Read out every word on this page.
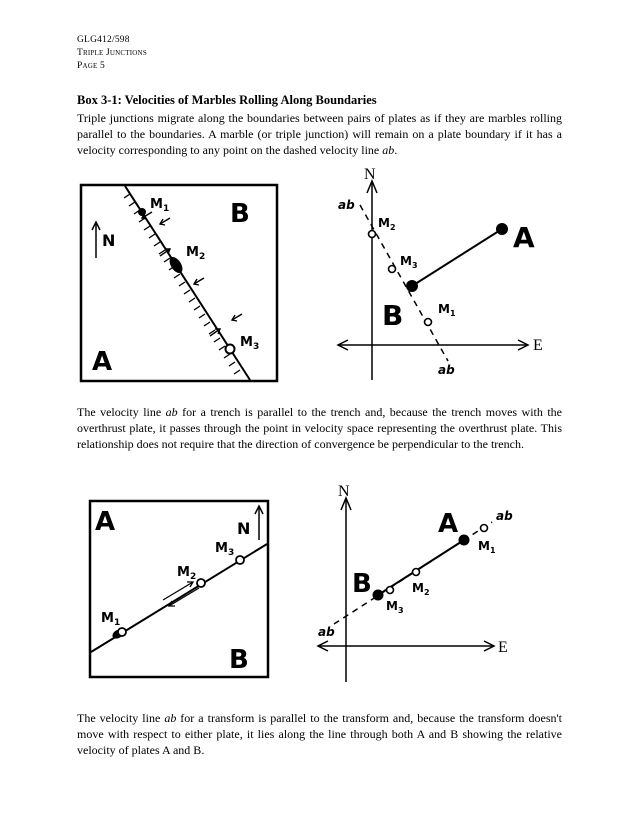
GLG412/598
Triple Junctions
Page 5
Box 3-1: Velocities of Marbles Rolling Along Boundaries
Triple junctions migrate along the boundaries between pairs of plates as if they are marbles rolling parallel to the boundaries. A marble (or triple junction) will remain on a plate boundary if it has a velocity corresponding to any point on the dashed velocity line ab.
N
B
A
$M_1$
$M_2$
$M_3$
N
E
A
B
ab
ab
$M_2$
$M_3$
$M_1$
The velocity line ab for a trench is parallel to the trench and, because the trench moves with the overthrust plate, it passes through the point in velocity space representing the overthrust plate. This relationship does not require that the direction of convergence be perpendicular to the trench.
N
A
B
$M_1$
$M_2$
$M_3$
N
E
A
B
ab
ab
$M_1$
$M_2$
$M_3$
The velocity line ab for a transform is parallel to the transform and, because the transform doesn't move with respect to either plate, it lies along the line through both A and B showing the relative velocity of plates A and B.
